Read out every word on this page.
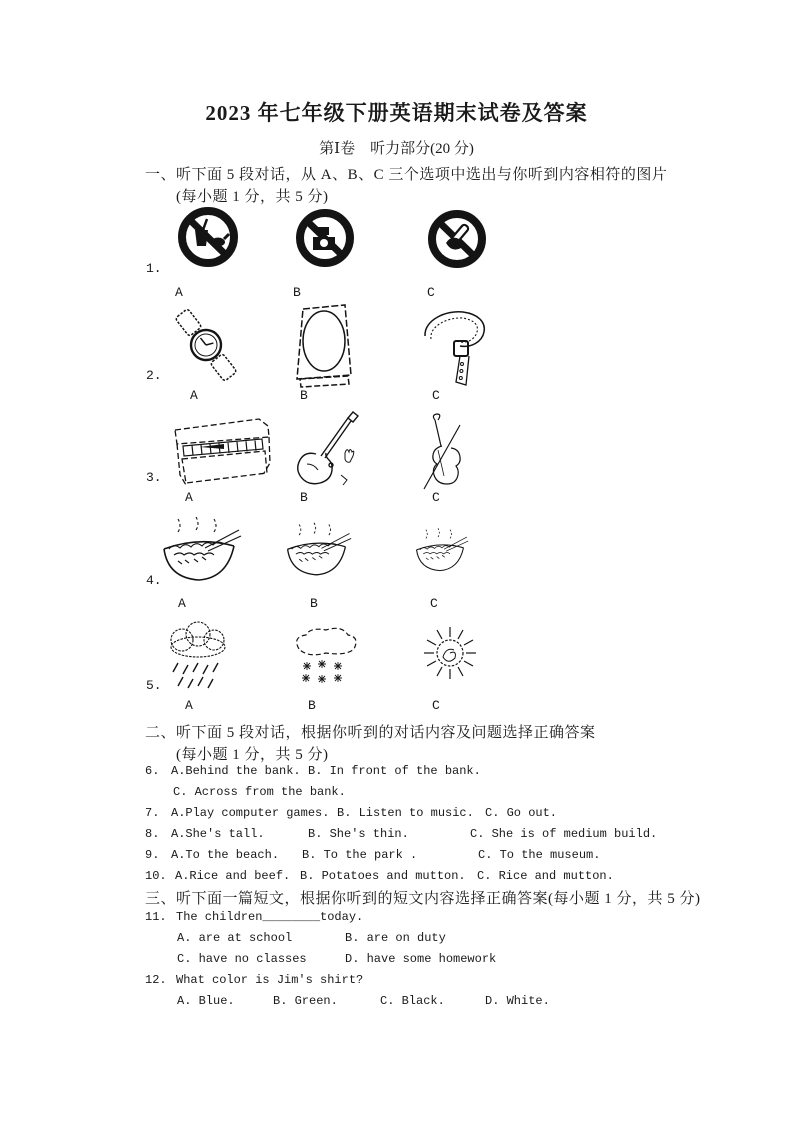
2023 年七年级下册英语期末试卷及答案
第Ⅰ卷　听力部分(20 分)
一、听下面 5 段对话，从 A、B、C 三个选项中选出与你听到内容相符的图片
(每小题 1 分，共 5 分)
1.
A	B	C
2.
A	B	C
3.
A	B	C
4.
A	B	C
5.
A	B	C
二、听下面 5 段对话，根据你听到的对话内容及问题选择正确答案
(每小题 1 分，共 5 分)
6. A.Behind the bank. B. In front of the bank.
C. Across from the bank.
7. A.Play computer games. B. Listen to music. C. Go out.
8. A.She's tall.	B. She's thin.	C. She is of medium build.
9. A.To the beach. B. To the park .	C. To the museum.
10. A.Rice and beef. B. Potatoes and mutton. C. Rice and mutton.
三、听下面一篇短文，根据你听到的短文内容选择正确答案(每小题 1 分，共 5 分)
11. The children________today.
A. are at school	B. are on duty
C. have no classes	D. have some homework
12. What color is Jim's shirt?
A. Blue.	B. Green.	C. Black.	D. White.
